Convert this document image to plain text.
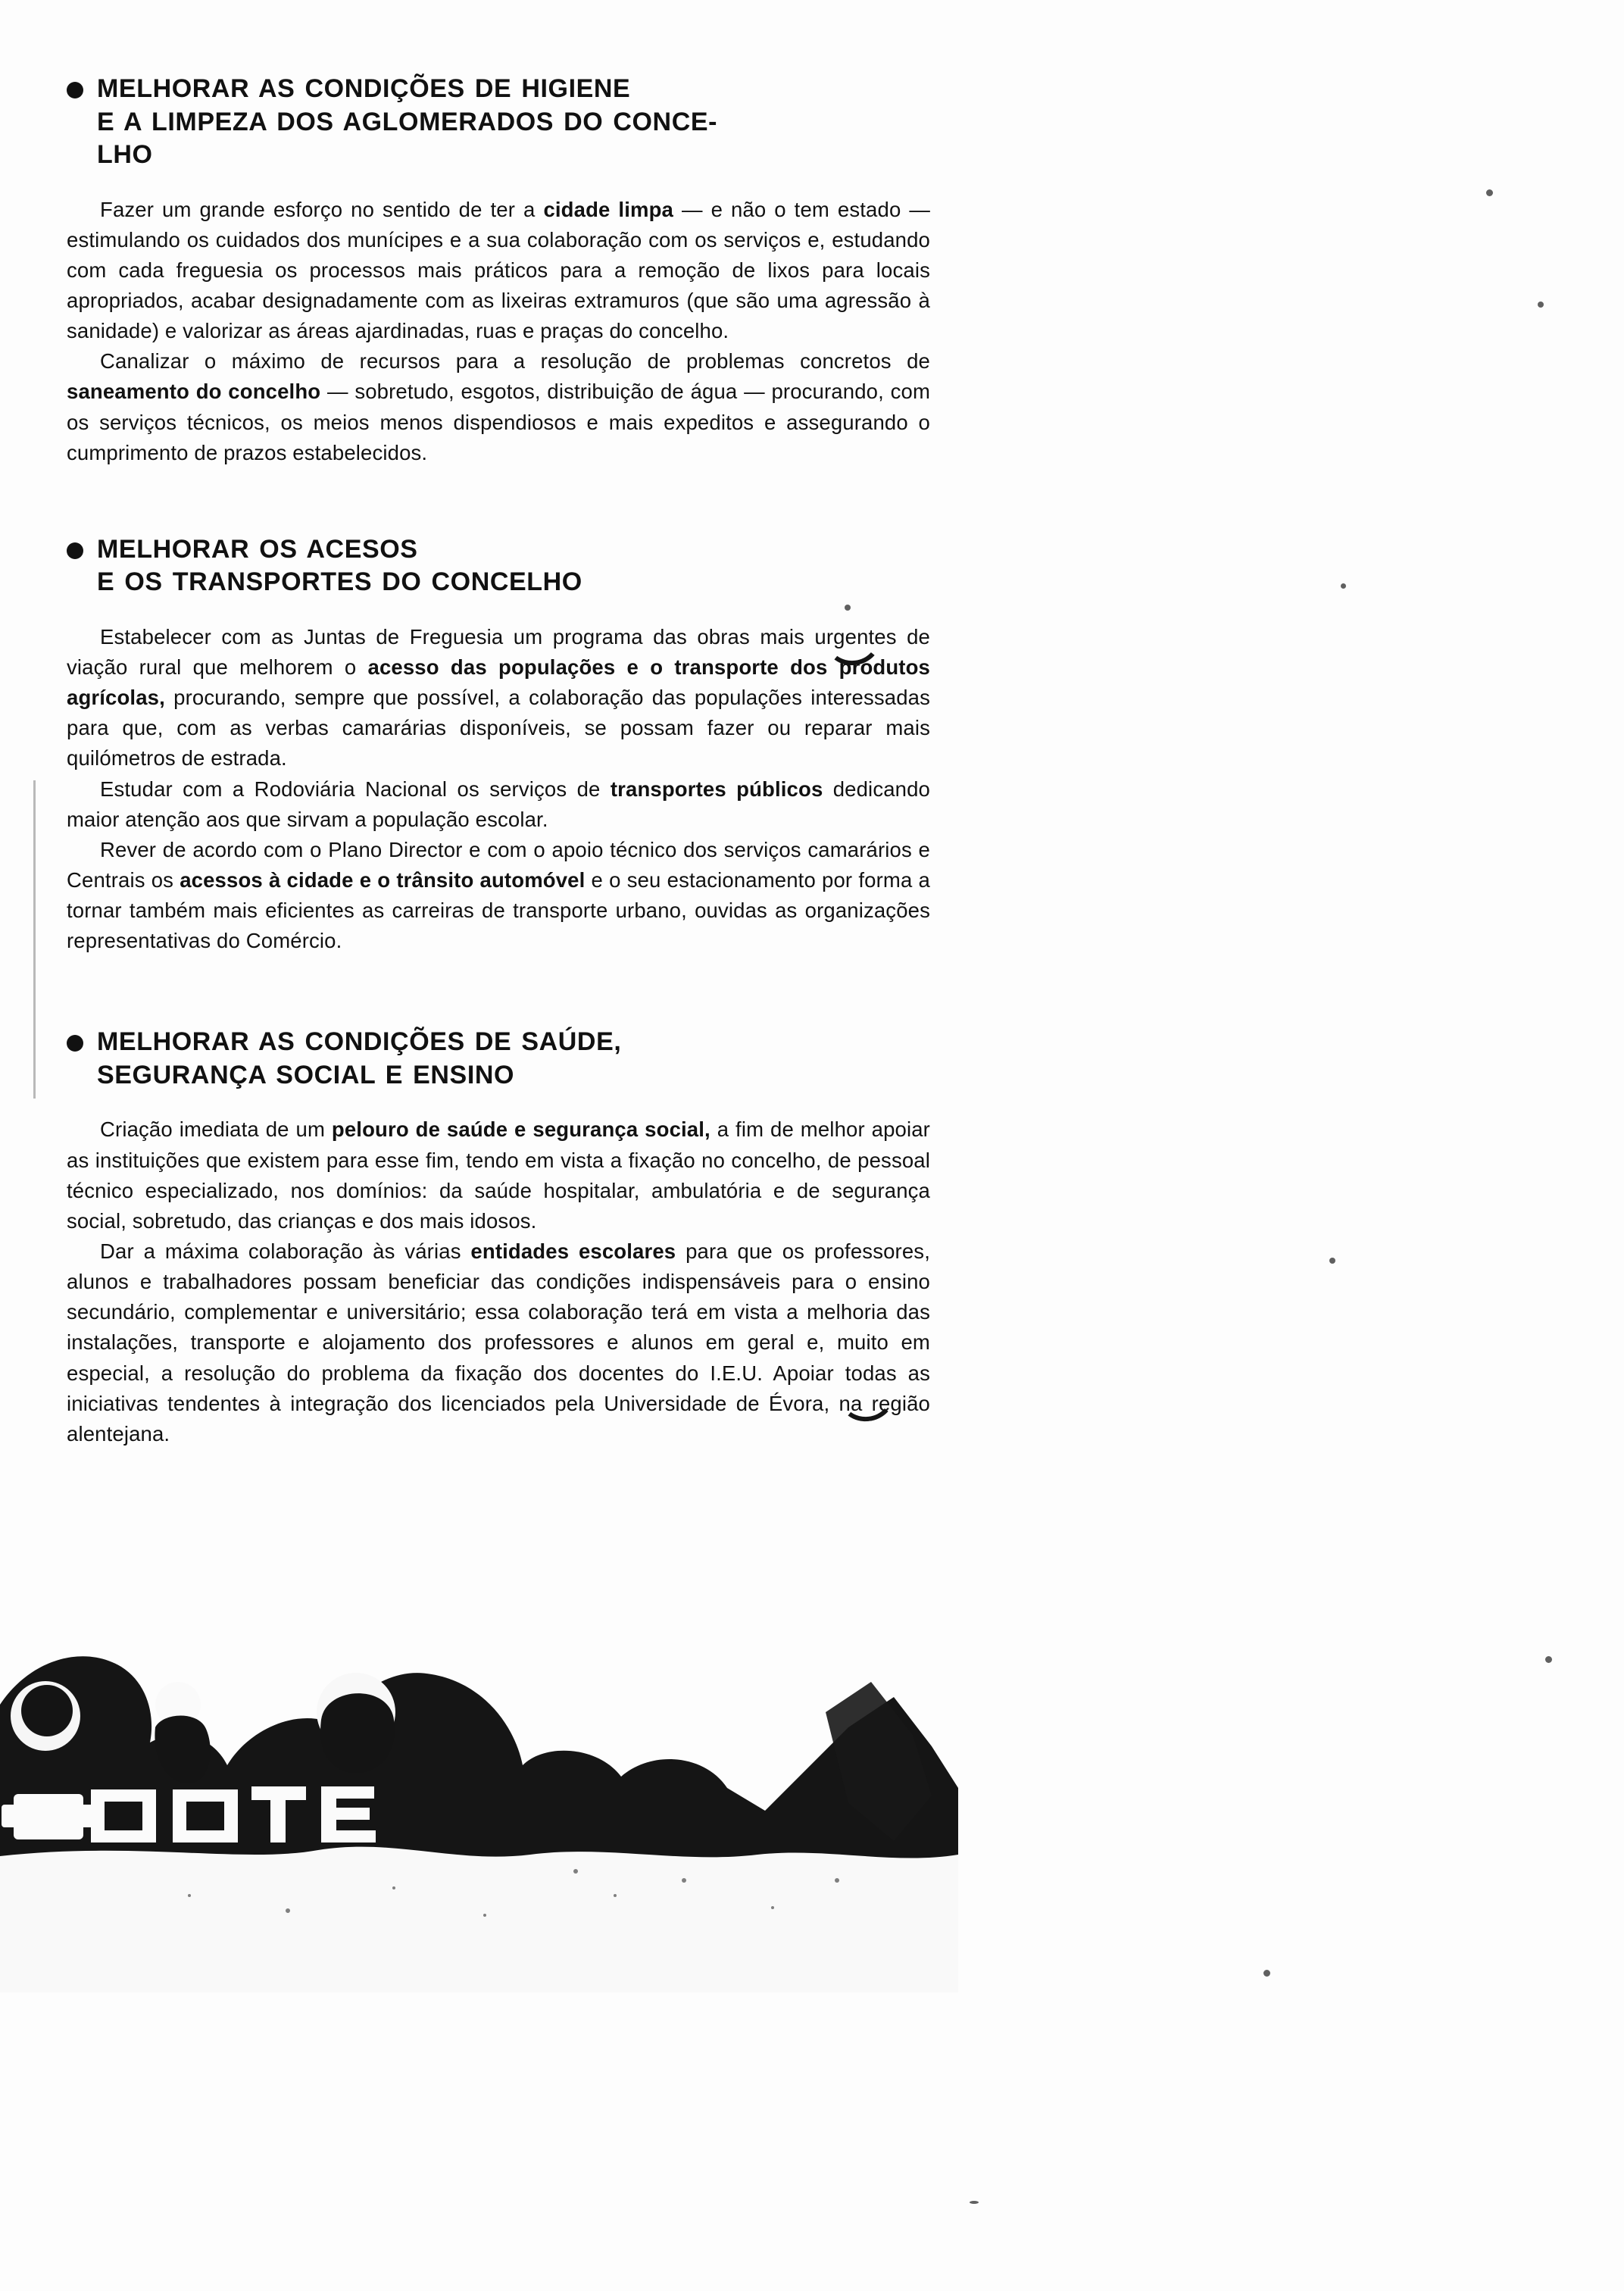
MELHORAR AS CONDIÇÕES DE HIGIENE
E A LIMPEZA DOS AGLOMERADOS DO CONCE-
LHO

Fazer um grande esforço no sentido de ter a cidade limpa — e não o tem estado — estimulando os cuidados dos munícipes e a sua colaboração com os serviços e, estudando com cada freguesia os processos mais práticos para a remoção de lixos para locais apropriados, acabar designadamente com as lixeiras extramuros (que são uma agressão à sanidade) e valorizar as áreas ajardinadas, ruas e praças do concelho.

Canalizar o máximo de recursos para a resolução de problemas concretos de saneamento do concelho — sobretudo, esgotos, distribuição de água — procurando, com os serviços técnicos, os meios menos dispendiosos e mais expeditos e assegurando o cumprimento de prazos estabelecidos.

MELHORAR OS ACESOS
E OS TRANSPORTES DO CONCELHO

Estabelecer com as Juntas de Freguesia um programa das obras mais urgentes de viação rural que melhorem o acesso das populações e o transporte dos produtos agrícolas, procurando, sempre que possível, a colaboração das populações interessadas para que, com as verbas camarárias disponíveis, se possam fazer ou reparar mais quilómetros de estrada.

Estudar com a Rodoviária Nacional os serviços de transportes públicos dedicando maior atenção aos que sirvam a população escolar.

Rever de acordo com o Plano Director e com o apoio técnico dos serviços camarários e Centrais os acessos à cidade e o trânsito automóvel e o seu estacionamento por forma a tornar também mais eficientes as carreiras de transporte urbano, ouvidas as organizações representativas do Comércio.

MELHORAR AS CONDIÇÕES DE SAÚDE,
SEGURANÇA SOCIAL E ENSINO

Criação imediata de um pelouro de saúde e segurança social, a fim de melhor apoiar as instituições que existem para esse fim, tendo em vista a fixação no concelho, de pessoal técnico especializado, nos domínios: da saúde hospitalar, ambulatória e de segurança social, sobretudo, das crianças e dos mais idosos.

Dar a máxima colaboração às várias entidades escolares para que os professores, alunos e trabalhadores possam beneficiar das condições indispensáveis para o ensino secundário, complementar e universitário; essa colaboração terá em vista a melhoria das instalações, transporte e alojamento dos professores e alunos em geral e, muito em especial, a resolução do problema da fixação dos docentes do I.E.U. Apoiar todas as iniciativas tendentes à integração dos licenciados pela Universidade de Évora, na região alentejana.
